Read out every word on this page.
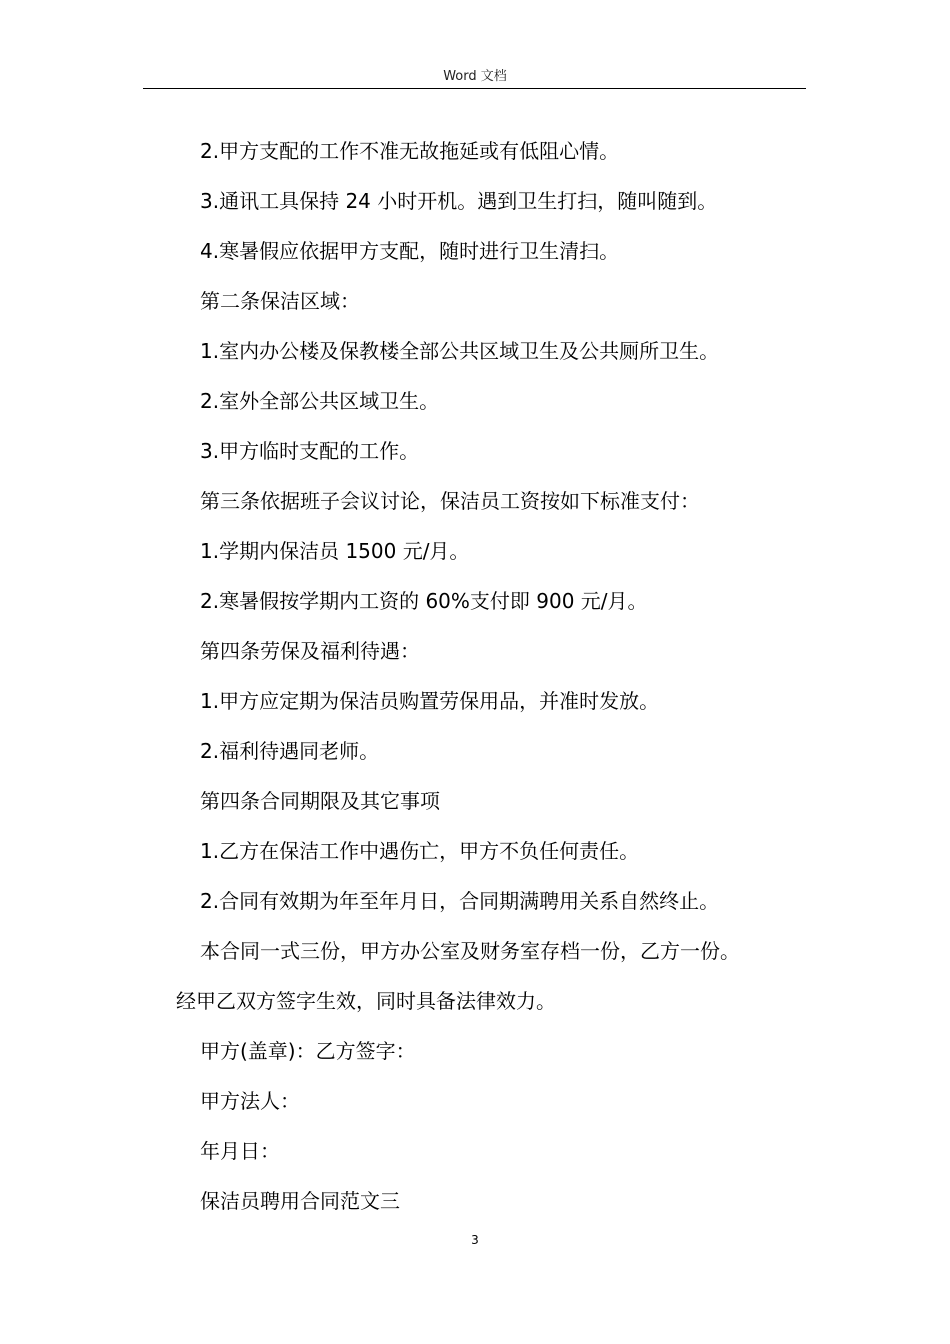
Word 文档

2.甲方支配的工作不准无故拖延或有低阻心情。

3.通讯工具保持 24 小时开机。遇到卫生打扫，随叫随到。

4.寒暑假应依据甲方支配，随时进行卫生清扫。

第二条保洁区域：

1.室内办公楼及保教楼全部公共区域卫生及公共厕所卫生。

2.室外全部公共区域卫生。

3.甲方临时支配的工作。

第三条依据班子会议讨论，保洁员工资按如下标准支付：

1.学期内保洁员 1500 元/月。

2.寒暑假按学期内工资的 60%支付即 900 元/月。

第四条劳保及福利待遇：

1.甲方应定期为保洁员购置劳保用品，并准时发放。

2.福利待遇同老师。

第四条合同期限及其它事项

1.乙方在保洁工作中遇伤亡，甲方不负任何责任。

2.合同有效期为年至年月日，合同期满聘用关系自然终止。

本合同一式三份，甲方办公室及财务室存档一份，乙方一份。

经甲乙双方签字生效，同时具备法律效力。

甲方(盖章)：乙方签字：

甲方法人：

年月日：

保洁员聘用合同范文三

3
